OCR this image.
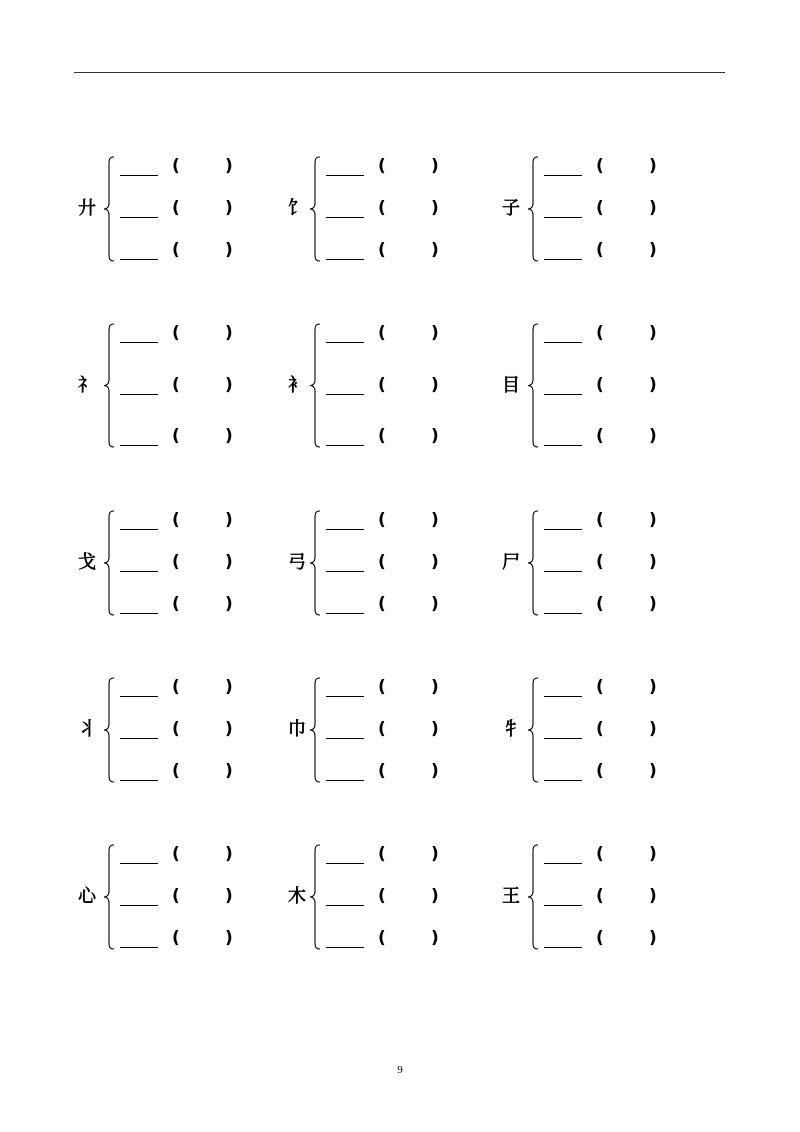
廾
(	)
(	)
(	)
饣
(	)
(	)
(	)
子
(	)
(	)
(	)
礻
(	)
(	)
(	)
衤
(	)
(	)
(	)
目
(	)
(	)
(	)
戈
(	)
(	)
(	)
弓
(	)
(	)
(	)
尸
(	)
(	)
(	)
丬
(	)
(	)
(	)
巾
(	)
(	)
(	)
牜
(	)
(	)
(	)
心
(	)
(	)
(	)
木
(	)
(	)
(	)
王
(	)
(	)
(	)
9
